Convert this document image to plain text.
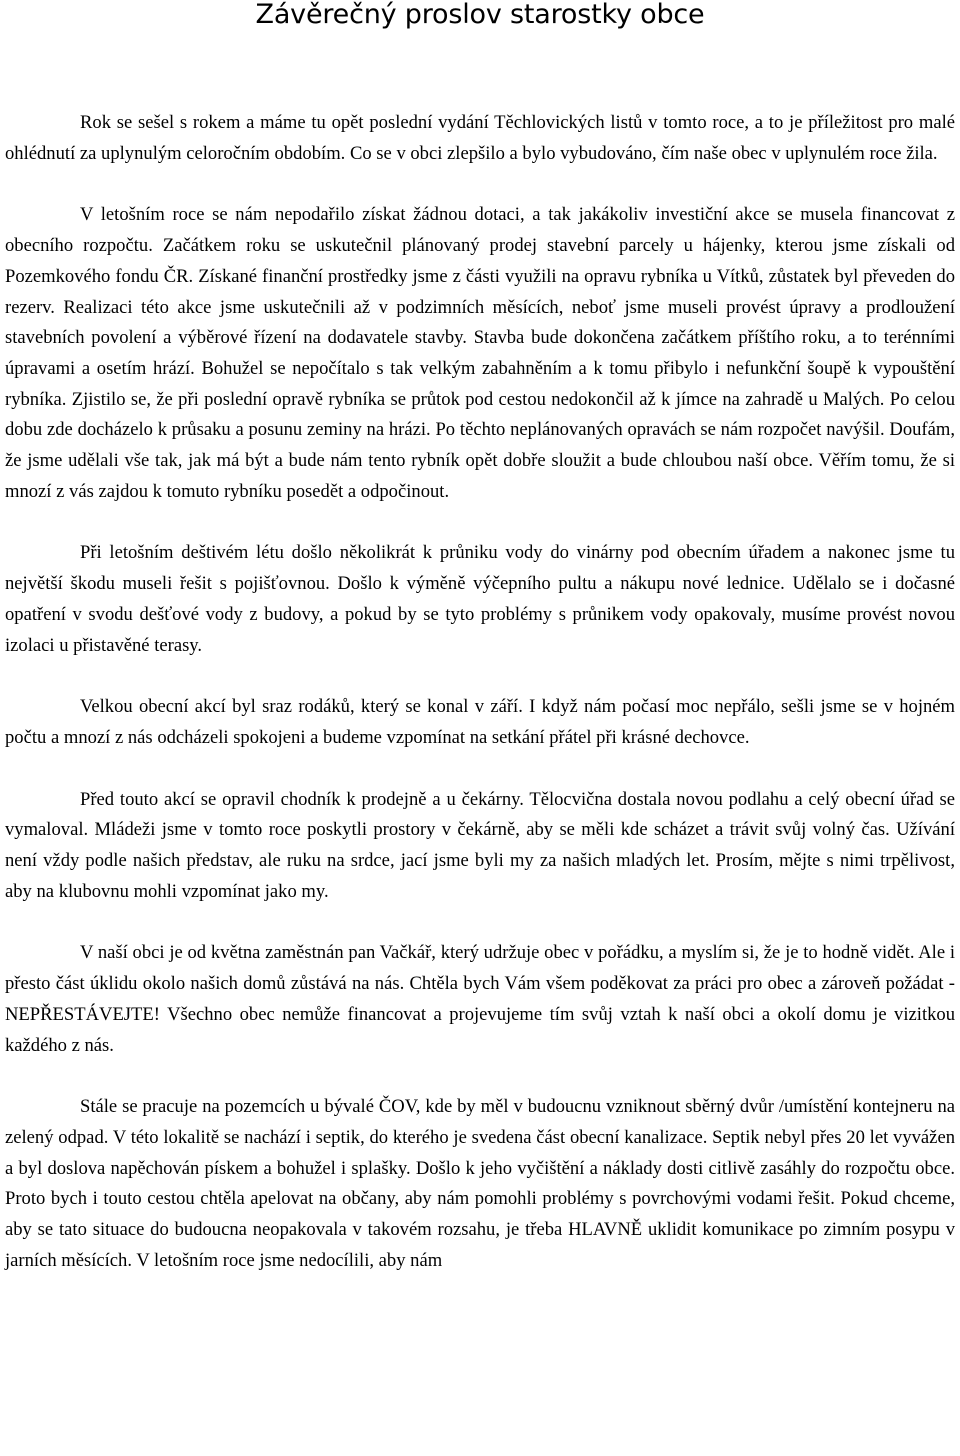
Závěrečný proslov starostky obce

Rok se sešel s rokem a máme tu opět poslední vydání Těchlovických listů v tomto roce, a to je příležitost pro malé ohlédnutí za uplynulým celoročním obdobím. Co se v obci zlepšilo a bylo vybudováno, čím naše obec v uplynulém roce žila.

V letošním roce se nám nepodařilo získat žádnou dotaci, a tak jakákoliv investiční akce se musela financovat z obecního rozpočtu. Začátkem roku se uskutečnil plánovaný prodej stavební parcely u hájenky, kterou jsme získali od Pozemkového fondu ČR. Získané finanční prostředky jsme z části využili na opravu rybníka u Vítků, zůstatek byl převeden do rezerv. Realizaci této akce jsme uskutečnili až v podzimních měsících, neboť jsme museli provést úpravy a prodloužení stavebních povolení a výběrové řízení na dodavatele stavby. Stavba bude dokončena začátkem příštího roku, a to terénními úpravami a osetím hrází. Bohužel se nepočítalo s tak velkým zabahněním a k tomu přibylo i nefunkční šoupě k vypouštění rybníka. Zjistilo se, že při poslední opravě rybníka se průtok pod cestou nedokončil až k jímce na zahradě u Malých. Po celou dobu zde docházelo k průsaku a posunu zeminy na hrázi. Po těchto neplánovaných opravách se nám rozpočet navýšil. Doufám, že jsme udělali vše tak, jak má být a bude nám tento rybník opět dobře sloužit a bude chloubou naší obce. Věřím tomu, že si mnozí z vás zajdou k tomuto rybníku posedět a odpočinout.

Při letošním deštivém létu došlo několikrát k průniku vody do vinárny pod obecním úřadem a nakonec jsme tu největší škodu museli řešit s pojišťovnou. Došlo k výměně výčepního pultu a nákupu nové lednice. Udělalo se i dočasné opatření v svodu dešťové vody z budovy, a pokud by se tyto problémy s průnikem vody opakovaly, musíme provést novou izolaci u přistavěné terasy.

Velkou obecní akcí byl sraz rodáků, který se konal v září. I když nám počasí moc nepřálo, sešli jsme se v hojném počtu a mnozí z nás odcházeli spokojeni a budeme vzpomínat na setkání přátel při krásné dechovce.

Před touto akcí se opravil chodník k prodejně a u čekárny. Tělocvična dostala novou podlahu a celý obecní úřad se vymaloval. Mládeži jsme v tomto roce poskytli prostory v čekárně, aby se měli kde scházet a trávit svůj volný čas. Užívání není vždy podle našich představ, ale ruku na srdce, jací jsme byli my za našich mladých let. Prosím, mějte s nimi trpělivost, aby na klubovnu mohli vzpomínat jako my.

V naší obci je od května zaměstnán pan Vačkář, který udržuje obec v pořádku, a myslím si, že je to hodně vidět. Ale i přesto část úklidu okolo našich domů zůstává na nás. Chtěla bych Vám všem poděkovat za práci pro obec a zároveň požádat - NEPŘESTÁVEJTE! Všechno obec nemůže financovat a projevujeme tím svůj vztah k naší obci a okolí domu je vizitkou každého z nás.

Stále se pracuje na pozemcích u bývalé ČOV, kde by měl v budoucnu vzniknout sběrný dvůr /umístění kontejneru na zelený odpad. V této lokalitě se nachází i septik, do kterého je svedena část obecní kanalizace. Septik nebyl přes 20 let vyvážen a byl doslova napěchován pískem a bohužel i splašky. Došlo k jeho vyčištění a náklady dosti citlivě zasáhly do rozpočtu obce. Proto bych i touto cestou chtěla apelovat na občany, aby nám pomohli problémy s povrchovými vodami řešit. Pokud chceme, aby se tato situace do budoucna neopakovala v takovém rozsahu, je třeba HLAVNĚ uklidit komunikace po zimním posypu v jarních měsících. V letošním roce jsme nedocílili, aby nám
